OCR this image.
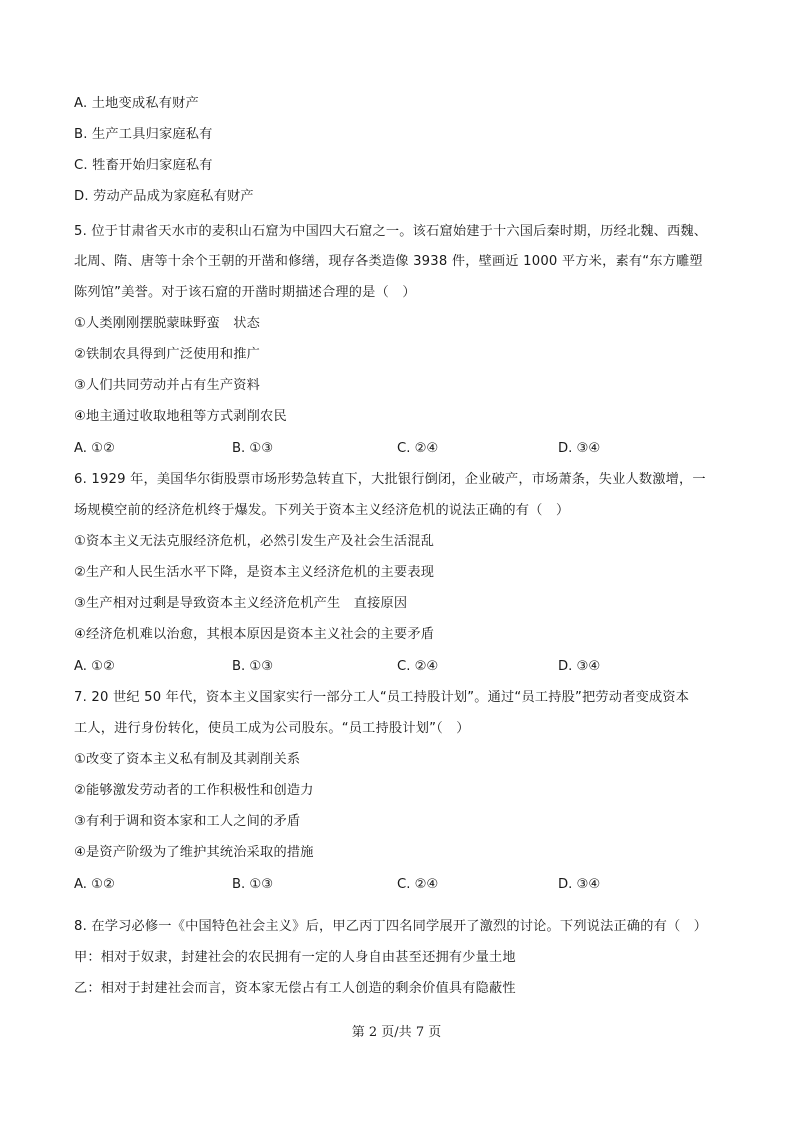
A. 土地变成私有财产
B. 生产工具归家庭私有
C. 牲畜开始归家庭私有
D. 劳动产品成为家庭私有财产
5. 位于甘肃省天水市的麦积山石窟为中国四大石窟之一。该石窟始建于十六国后秦时期，历经北魏、西魏、
北周、隋、唐等十余个王朝的开凿和修缮，现存各类造像 3938 件，壁画近 1000 平方米，素有“东方雕塑
陈列馆”美誉。对于该石窟的开凿时期描述合理的是（　）
①人类刚刚摆脱蒙昧野蛮　状态
②铁制农具得到广泛使用和推广
③人们共同劳动并占有生产资料
④地主通过收取地租等方式剥削农民
A. ①②	B. ①③	C. ②④	D. ③④
6. 1929 年，美国华尔街股票市场形势急转直下，大批银行倒闭，企业破产，市场萧条，失业人数激增，一
场规模空前的经济危机终于爆发。下列关于资本主义经济危机的说法正确的有（　）
①资本主义无法克服经济危机，必然引发生产及社会生活混乱
②生产和人民生活水平下降，是资本主义经济危机的主要表现
③生产相对过剩是导致资本主义经济危机产生　直接原因
④经济危机难以治愈，其根本原因是资本主义社会的主要矛盾
A. ①②	B. ①③	C. ②④	D. ③④
7. 20 世纪 50 年代，资本主义国家实行一部分工人“员工持股计划”。通过“员工持股”把劳动者变成资本
工人，进行身份转化，使员工成为公司股东。“员工持股计划”（　）
①改变了资本主义私有制及其剥削关系
②能够激发劳动者的工作积极性和创造力
③有利于调和资本家和工人之间的矛盾
④是资产阶级为了维护其统治采取的措施
A. ①②	B. ①③	C. ②④	D. ③④
8. 在学习必修一《中国特色社会主义》后，甲乙丙丁四名同学展开了激烈的讨论。下列说法正确的有（　）
甲：相对于奴隶，封建社会的农民拥有一定的人身自由甚至还拥有少量土地
乙：相对于封建社会而言，资本家无偿占有工人创造的剩余价值具有隐蔽性
第 2 页/共 7 页
